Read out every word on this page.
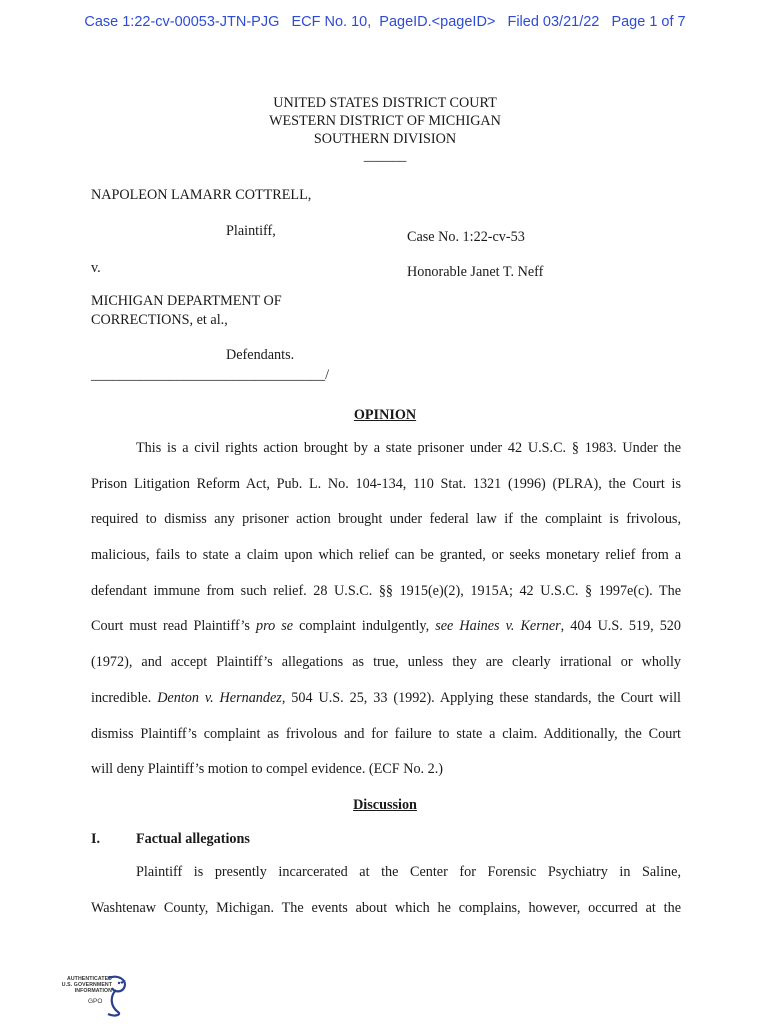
Case 1:22-cv-00053-JTN-PJG   ECF No. 10,  PageID.<pageID>   Filed 03/21/22   Page 1 of 7
UNITED STATES DISTRICT COURT
WESTERN DISTRICT OF MICHIGAN
SOUTHERN DIVISION
______
NAPOLEON LAMARR COTTRELL,
Plaintiff,	Case No. 1:22-cv-53
v.	Honorable Janet T. Neff
MICHIGAN DEPARTMENT OF
CORRECTIONS, et al.,
Defendants.
_________________________________/
OPINION

This is a civil rights action brought by a state prisoner under 42 U.S.C. § 1983. Under the

Prison Litigation Reform Act, Pub. L. No. 104-134, 110 Stat. 1321 (1996) (PLRA), the Court is

required to dismiss any prisoner action brought under federal law if the complaint is frivolous,

malicious, fails to state a claim upon which relief can be granted, or seeks monetary relief from a

defendant immune from such relief. 28 U.S.C. §§ 1915(e)(2), 1915A; 42 U.S.C. § 1997e(c). The

Court must read Plaintiff’s pro se complaint indulgently, see Haines v. Kerner, 404 U.S. 519, 520

(1972), and accept Plaintiff’s allegations as true, unless they are clearly irrational or wholly

incredible. Denton v. Hernandez, 504 U.S. 25, 33 (1992). Applying these standards, the Court will

dismiss Plaintiff’s complaint as frivolous and for failure to state a claim. Additionally, the Court

will deny Plaintiff’s motion to compel evidence. (ECF No. 2.)

Discussion
I.	Factual allegations

Plaintiff is presently incarcerated at the Center for Forensic Psychiatry in Saline,

Washtenaw County, Michigan. The events about which he complains, however, occurred at the

AUTHENTICATED
U.S. GOVERNMENT
INFORMATION
GPO
